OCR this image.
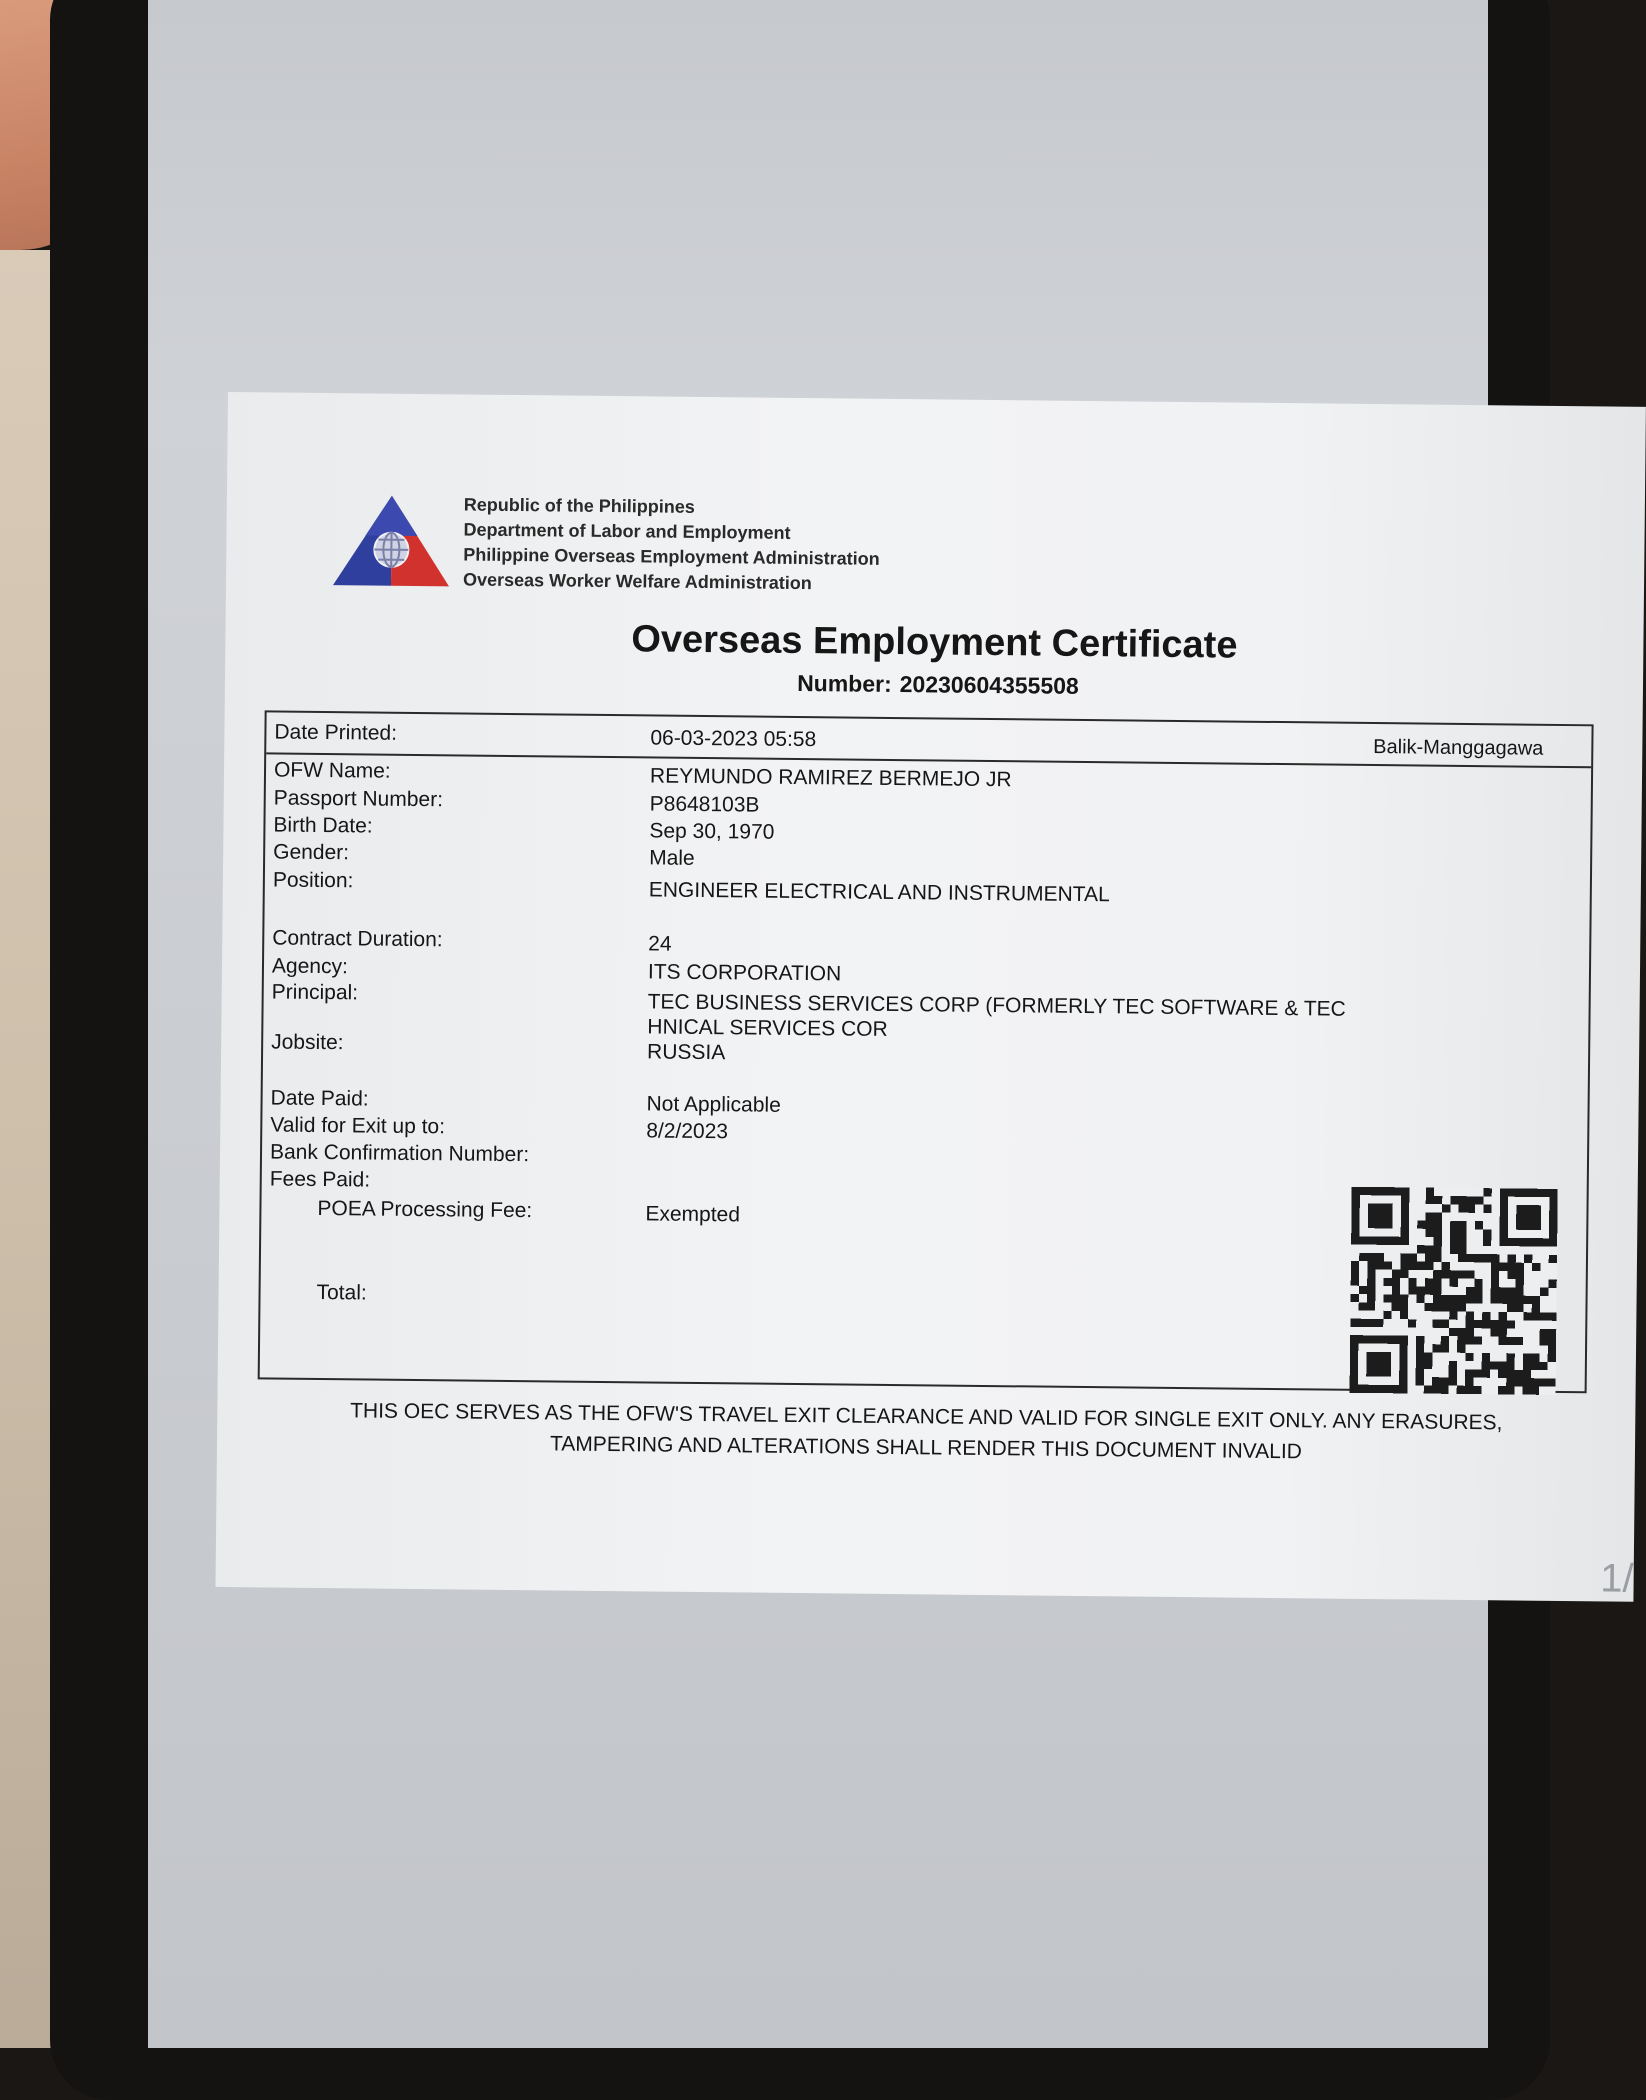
Republic of the Philippines
Department of Labor and Employment
Philippine Overseas Employment Administration
Overseas Worker Welfare Administration
Overseas Employment Certificate
Number: 20230604355508
Balik-Manggagawa
Date Printed:	06-03-2023 05:58
OFW Name:	REYMUNDO RAMIREZ BERMEJO JR
Passport Number:	P8648103B
Birth Date:	Sep 30, 1970
Gender:	Male
Position:	ENGINEER ELECTRICAL AND INSTRUMENTAL
Contract Duration:	24
Agency:	ITS CORPORATION
Principal:	TEC BUSINESS SERVICES CORP (FORMERLY TEC SOFTWARE & TEC
HNICAL SERVICES COR
Jobsite:	RUSSIA
Date Paid:	Not Applicable
Valid for Exit up to:	8/2/2023
Bank Confirmation Number:
Fees Paid:
POEA Processing Fee:	Exempted
Total:
THIS OEC SERVES AS THE OFW'S TRAVEL EXIT CLEARANCE AND VALID FOR SINGLE EXIT ONLY. ANY ERASURES,
TAMPERING AND ALTERATIONS SHALL RENDER THIS DOCUMENT INVALID
1/
